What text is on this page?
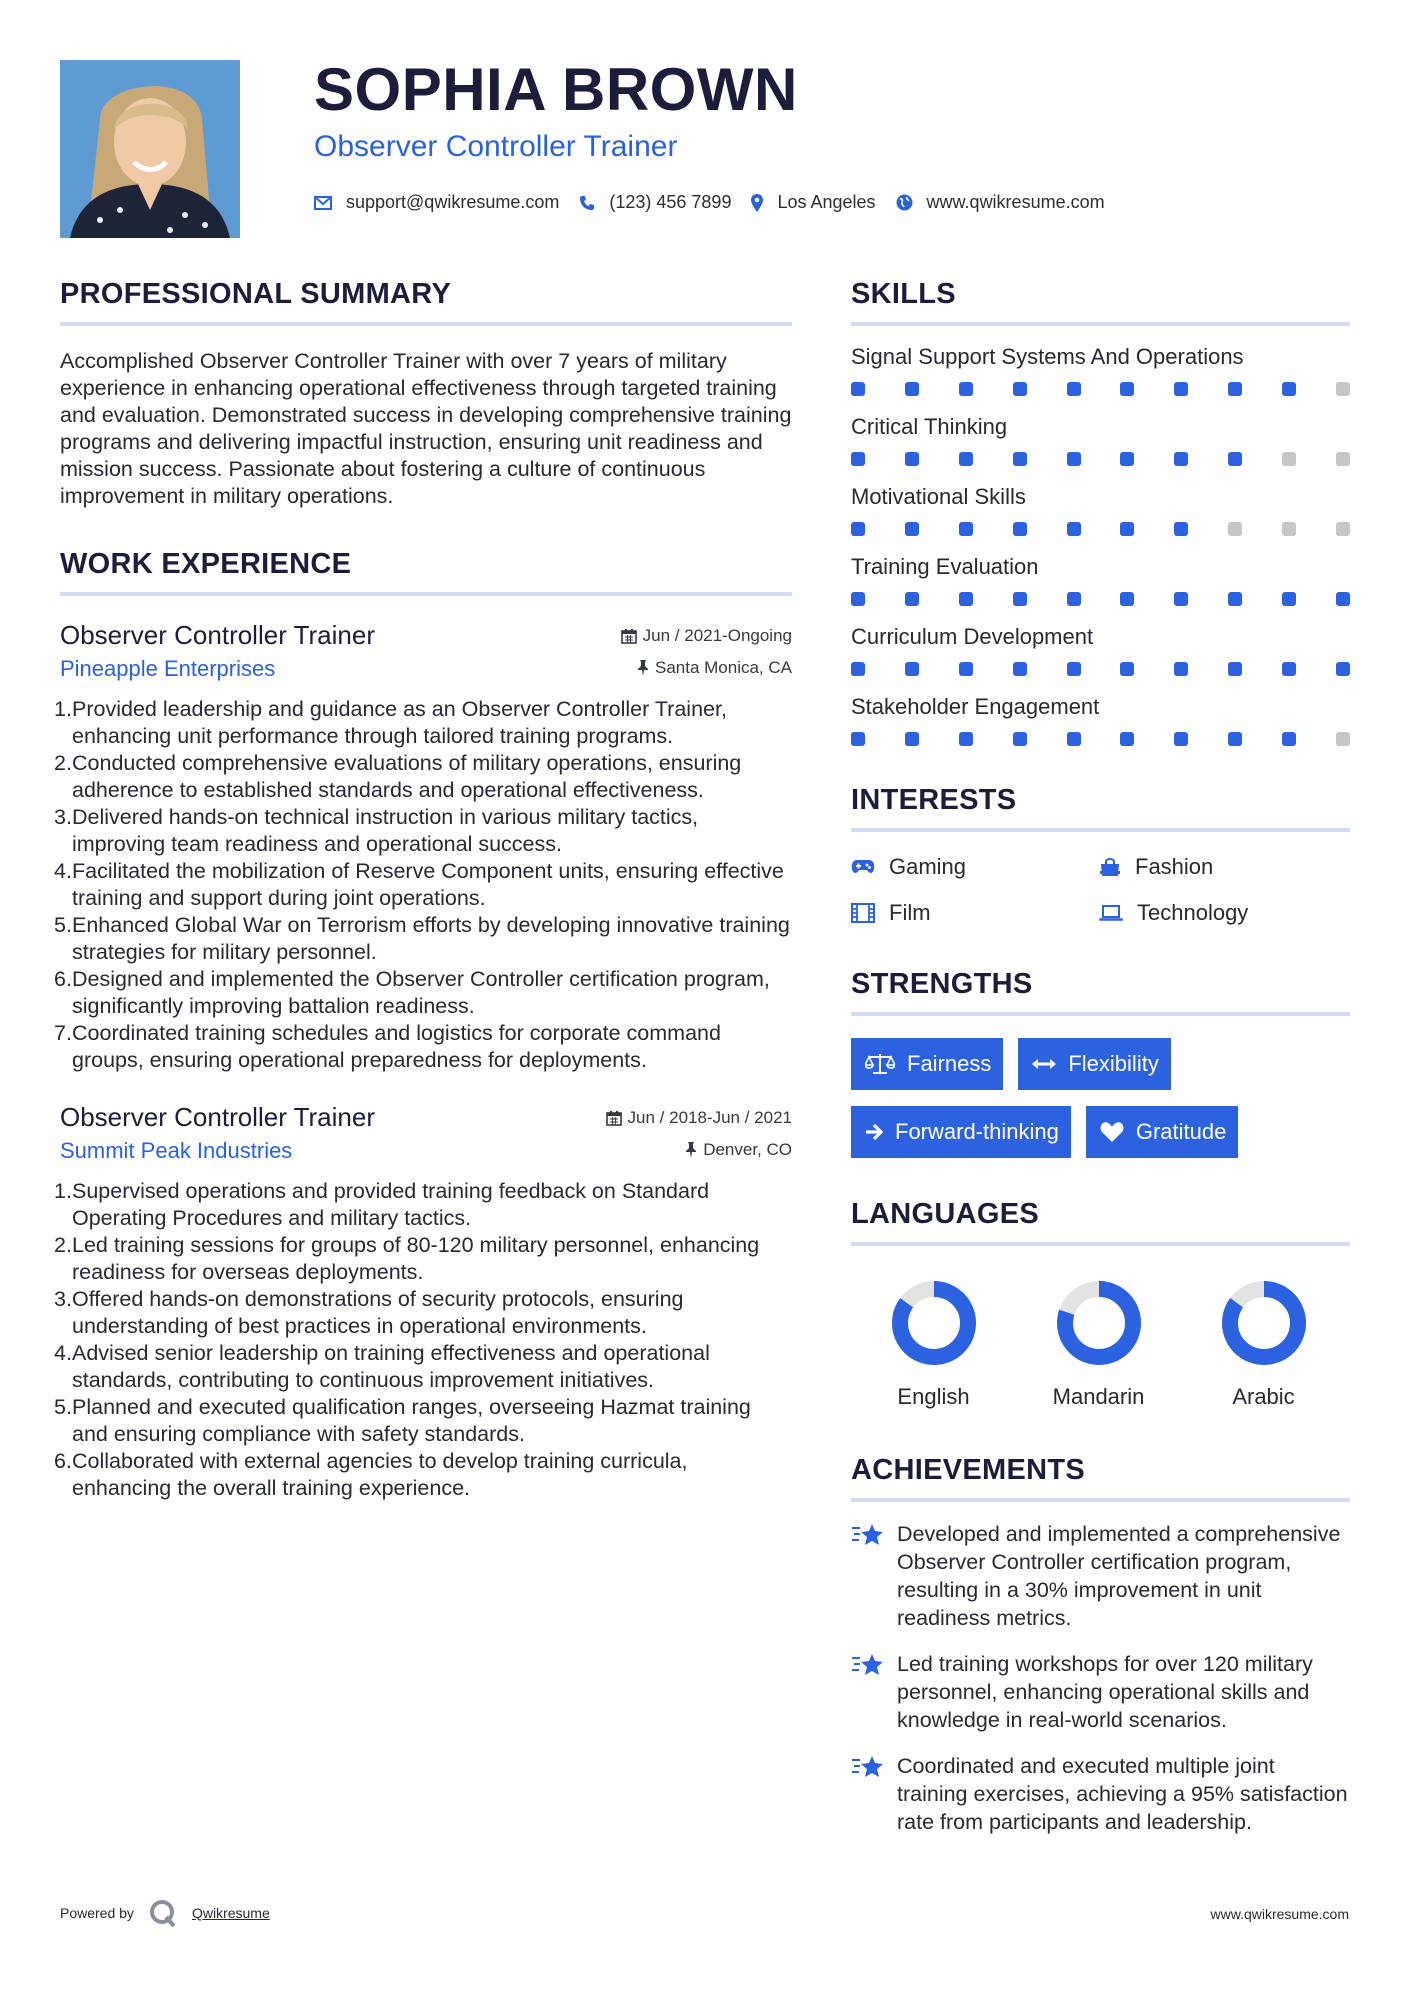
SOPHIA BROWN
Observer Controller Trainer
support@qwikresume.com	(123) 456 7899	Los Angeles	www.qwikresume.com
PROFESSIONAL SUMMARY
Accomplished Observer Controller Trainer with over 7 years of military experience in enhancing operational effectiveness through targeted training and evaluation. Demonstrated success in developing comprehensive training programs and delivering impactful instruction, ensuring unit readiness and mission success. Passionate about fostering a culture of continuous improvement in military operations.
WORK EXPERIENCE
Observer Controller Trainer	Jun / 2021-Ongoing
Pineapple Enterprises	Santa Monica, CA
1. Provided leadership and guidance as an Observer Controller Trainer, enhancing unit performance through tailored training programs.
2. Conducted comprehensive evaluations of military operations, ensuring adherence to established standards and operational effectiveness.
3. Delivered hands-on technical instruction in various military tactics, improving team readiness and operational success.
4. Facilitated the mobilization of Reserve Component units, ensuring effective training and support during joint operations.
5. Enhanced Global War on Terrorism efforts by developing innovative training strategies for military personnel.
6. Designed and implemented the Observer Controller certification program, significantly improving battalion readiness.
7. Coordinated training schedules and logistics for corporate command groups, ensuring operational preparedness for deployments.
Observer Controller Trainer	Jun / 2018-Jun / 2021
Summit Peak Industries	Denver, CO
1. Supervised operations and provided training feedback on Standard Operating Procedures and military tactics.
2. Led training sessions for groups of 80-120 military personnel, enhancing readiness for overseas deployments.
3. Offered hands-on demonstrations of security protocols, ensuring understanding of best practices in operational environments.
4. Advised senior leadership on training effectiveness and operational standards, contributing to continuous improvement initiatives.
5. Planned and executed qualification ranges, overseeing Hazmat training and ensuring compliance with safety standards.
6. Collaborated with external agencies to develop training curricula, enhancing the overall training experience.
SKILLS
Signal Support Systems And Operations
Critical Thinking
Motivational Skills
Training Evaluation
Curriculum Development
Stakeholder Engagement
INTERESTS
Gaming	Fashion
Film	Technology
STRENGTHS
Fairness	Flexibility
Forward-thinking	Gratitude
LANGUAGES
English	Mandarin	Arabic
ACHIEVEMENTS
Developed and implemented a comprehensive Observer Controller certification program, resulting in a 30% improvement in unit readiness metrics.
Led training workshops for over 120 military personnel, enhancing operational skills and knowledge in real-world scenarios.
Coordinated and executed multiple joint training exercises, achieving a 95% satisfaction rate from participants and leadership.
Powered by	Qwikresume	www.qwikresume.com
